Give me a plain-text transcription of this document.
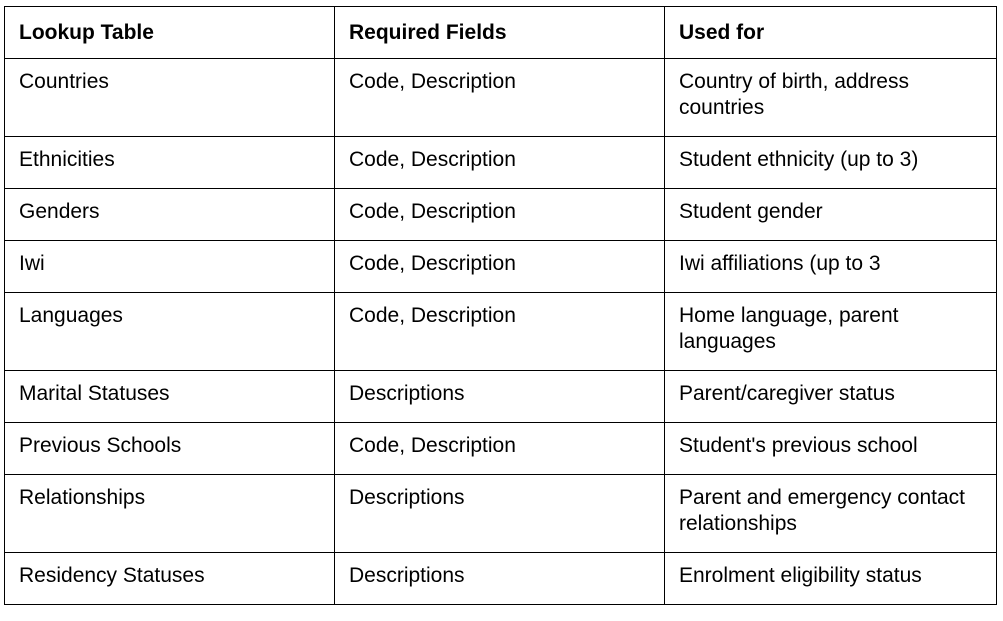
Lookup Table	Required Fields	Used for
Countries	Code, Description	Country of birth, address countries
Ethnicities	Code, Description	Student ethnicity (up to 3)
Genders	Code, Description	Student gender
Iwi	Code, Description	Iwi affiliations (up to 3
Languages	Code, Description	Home language, parent languages
Marital Statuses	Descriptions	Parent/caregiver status
Previous Schools	Code, Description	Student's previous school
Relationships	Descriptions	Parent and emergency contact relationships
Residency Statuses	Descriptions	Enrolment eligibility status
